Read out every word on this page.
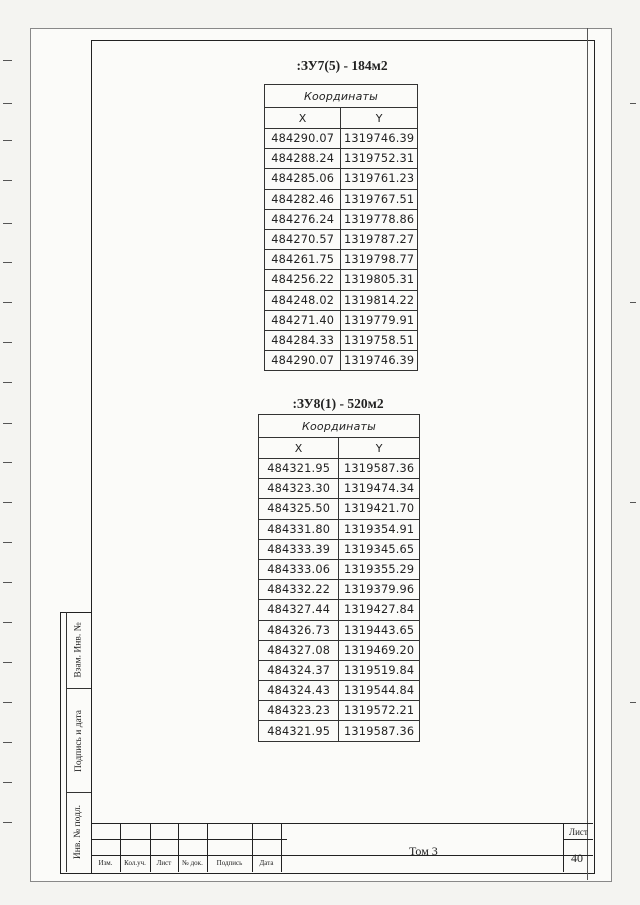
Взам. Инв. №
Подпись и дата
Инв. № подл.
:ЗУ7(5) - 184м2
Координаты	
X	Y
484290.07	1319746.39
484288.24	1319752.31
484285.06	1319761.23
484282.46	1319767.51
484276.24	1319778.86
484270.57	1319787.27
484261.75	1319798.77
484256.22	1319805.31
484248.02	1319814.22
484271.40	1319779.91
484284.33	1319758.51
484290.07	1319746.39
:ЗУ8(1) - 520м2
Координаты	
X	Y
484321.95	1319587.36
484323.30	1319474.34
484325.50	1319421.70
484331.80	1319354.91
484333.39	1319345.65
484333.06	1319355.29
484332.22	1319379.96
484327.44	1319427.84
484326.73	1319443.65
484327.08	1319469.20
484324.37	1319519.84
484324.43	1319544.84
484323.23	1319572.21
484321.95	1319587.36
Изм.	Кол.уч.	Лист	№ док.	Подпись	Дата
Том 3
Лист
40
